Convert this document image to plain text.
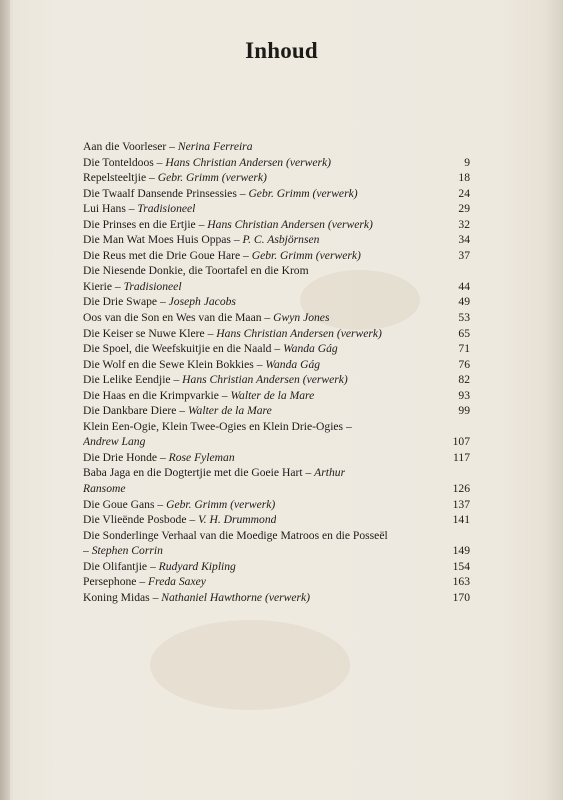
Inhoud
Aan die Voorleser – Nerina Ferreira
Die Tonteldoos – Hans Christian Andersen (verwerk)	9
Repelsteeltjie – Gebr. Grimm (verwerk)	18
Die Twaalf Dansende Prinsessies – Gebr. Grimm (verwerk)	24
Lui Hans – Tradisioneel	29
Die Prinses en die Ertjie – Hans Christian Andersen (verwerk)	32
Die Man Wat Moes Huis Oppas – P. C. Asbjörnsen	34
Die Reus met die Drie Goue Hare – Gebr. Grimm (verwerk)	37
Die Niesende Donkie, die Toortafel en die Krom
Kierie – Tradisioneel	44
Die Drie Swape – Joseph Jacobs	49
Oos van die Son en Wes van die Maan – Gwyn Jones	53
Die Keiser se Nuwe Klere – Hans Christian Andersen (verwerk)	65
Die Spoel, die Weefskuitjie en die Naald – Wanda Gág	71
Die Wolf en die Sewe Klein Bokkies – Wanda Gág	76
Die Lelike Eendjie – Hans Christian Andersen (verwerk)	82
Die Haas en die Krimpvarkie – Walter de la Mare	93
Die Dankbare Diere – Walter de la Mare	99
Klein Een-Ogie, Klein Twee-Ogies en Klein Drie-Ogies –
Andrew Lang	107
Die Drie Honde – Rose Fyleman	117
Baba Jaga en die Dogtertjie met die Goeie Hart – Arthur
Ransome	126
Die Goue Gans – Gebr. Grimm (verwerk)	137
Die Vlieënde Posbode – V. H. Drummond	141
Die Sonderlinge Verhaal van die Moedige Matroos en die Posseël
– Stephen Corrin	149
Die Olifantjie – Rudyard Kipling	154
Persephone – Freda Saxey	163
Koning Midas – Nathaniel Hawthorne (verwerk)	170
